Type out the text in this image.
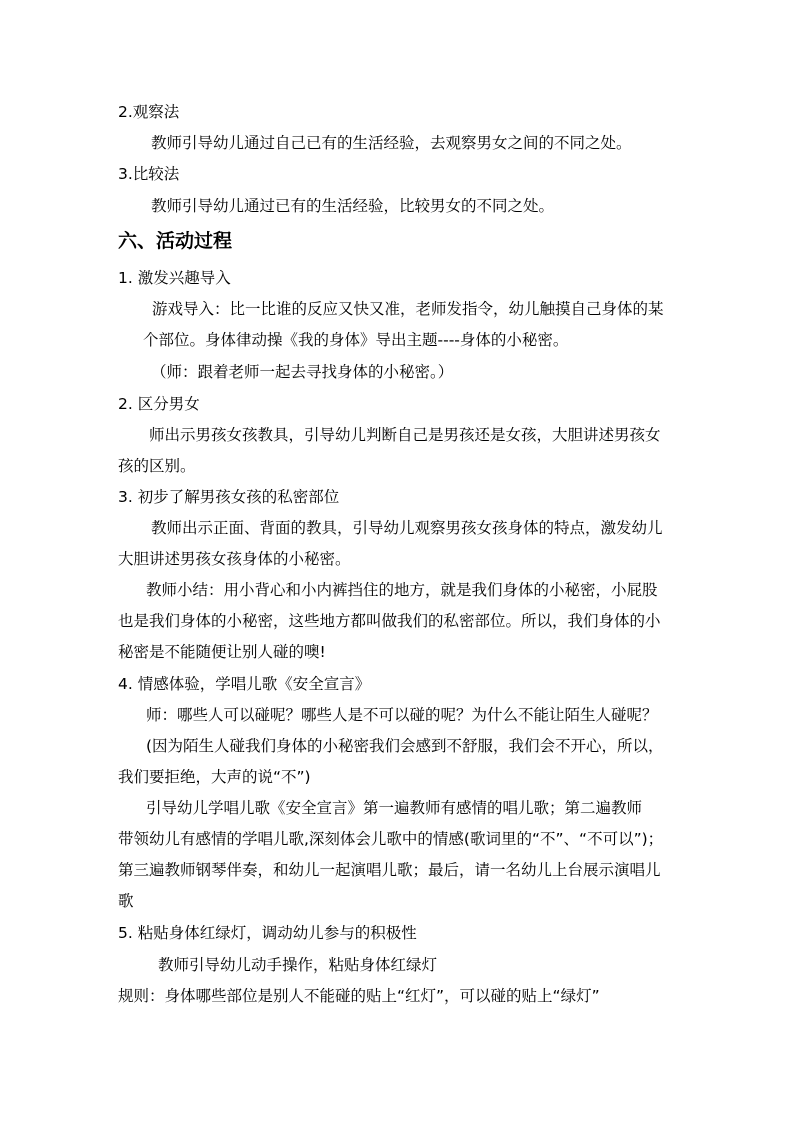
2.观察法
教师引导幼儿通过自己已有的生活经验，去观察男女之间的不同之处。
3.比较法
教师引导幼儿通过已有的生活经验，比较男女的不同之处。
六、活动过程
1. 激发兴趣导入
游戏导入：比一比谁的反应又快又准，老师发指令，幼儿触摸自己身体的某
个部位。身体律动操《我的身体》导出主题----身体的小秘密。
（师：跟着老师一起去寻找身体的小秘密。）
2. 区分男女
师出示男孩女孩教具，引导幼儿判断自己是男孩还是女孩，大胆讲述男孩女
孩的区别。
3. 初步了解男孩女孩的私密部位
教师出示正面、背面的教具，引导幼儿观察男孩女孩身体的特点，激发幼儿
大胆讲述男孩女孩身体的小秘密。
教师小结：用小背心和小内裤挡住的地方，就是我们身体的小秘密，小屁股
也是我们身体的小秘密，这些地方都叫做我们的私密部位。所以，我们身体的小
秘密是不能随便让别人碰的噢!
4. 情感体验，学唱儿歌《安全宣言》
师：哪些人可以碰呢？哪些人是不可以碰的呢？为什么不能让陌生人碰呢？
(因为陌生人碰我们身体的小秘密我们会感到不舒服，我们会不开心，所以，
我们要拒绝，大声的说“不”)
引导幼儿学唱儿歌《安全宣言》第一遍教师有感情的唱儿歌；第二遍教师
带领幼儿有感情的学唱儿歌,深刻体会儿歌中的情感(歌词里的“不”、“不可以”)；
第三遍教师钢琴伴奏，和幼儿一起演唱儿歌；最后，请一名幼儿上台展示演唱儿
歌
5. 粘贴身体红绿灯，调动幼儿参与的积极性
教师引导幼儿动手操作，粘贴身体红绿灯
规则：身体哪些部位是别人不能碰的贴上“红灯”，可以碰的贴上“绿灯”
